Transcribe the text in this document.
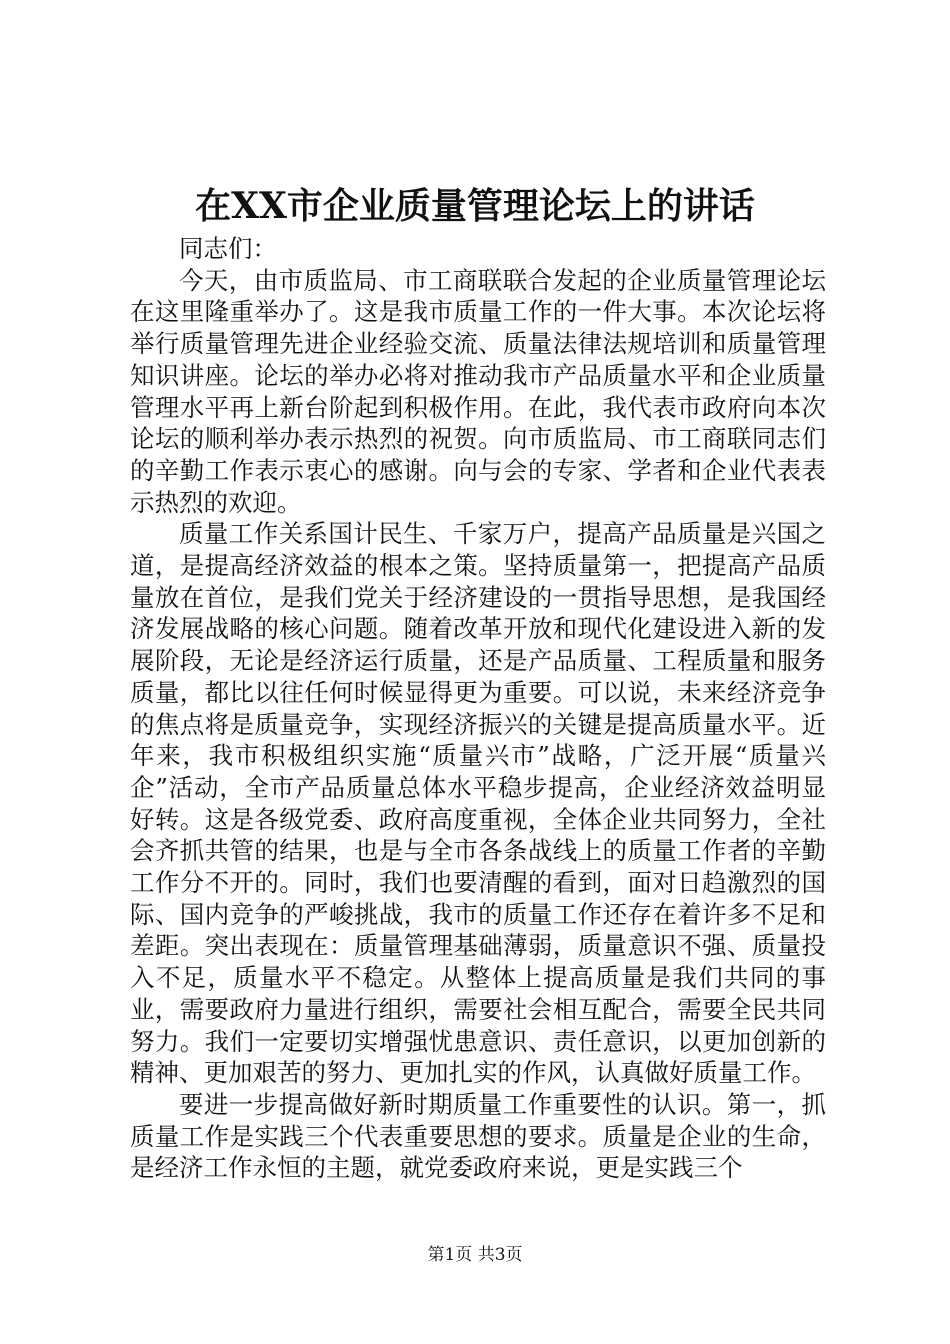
在XX市企业质量管理论坛上的讲话

同志们：

今天，由市质监局、市工商联联合发起的企业质量管理论坛在这里隆重举办了。这是我市质量工作的一件大事。本次论坛将举行质量管理先进企业经验交流、质量法律法规培训和质量管理知识讲座。论坛的举办必将对推动我市产品质量水平和企业质量管理水平再上新台阶起到积极作用。在此，我代表市政府向本次论坛的顺利举办表示热烈的祝贺。向市质监局、市工商联同志们的辛勤工作表示衷心的感谢。向与会的专家、学者和企业代表表示热烈的欢迎。

质量工作关系国计民生、千家万户，提高产品质量是兴国之道，是提高经济效益的根本之策。坚持质量第一，把提高产品质量放在首位，是我们党关于经济建设的一贯指导思想，是我国经济发展战略的核心问题。随着改革开放和现代化建设进入新的发展阶段，无论是经济运行质量，还是产品质量、工程质量和服务质量，都比以往任何时候显得更为重要。可以说，未来经济竞争的焦点将是质量竞争，实现经济振兴的关键是提高质量水平。近年来，我市积极组织实施“质量兴市”战略，广泛开展“质量兴企”活动，全市产品质量总体水平稳步提高，企业经济效益明显好转。这是各级党委、政府高度重视，全体企业共同努力，全社会齐抓共管的结果，也是与全市各条战线上的质量工作者的辛勤工作分不开的。同时，我们也要清醒的看到，面对日趋激烈的国际、国内竞争的严峻挑战，我市的质量工作还存在着许多不足和差距。突出表现在：质量管理基础薄弱，质量意识不强、质量投入不足，质量水平不稳定。从整体上提高质量是我们共同的事业，需要政府力量进行组织，需要社会相互配合，需要全民共同努力。我们一定要切实增强忧患意识、责任意识，以更加创新的精神、更加艰苦的努力、更加扎实的作风，认真做好质量工作。

要进一步提高做好新时期质量工作重要性的认识。第一，抓质量工作是实践三个代表重要思想的要求。质量是企业的生命，是经济工作永恒的主题，就党委政府来说，更是实践三个

第1页 共3页
